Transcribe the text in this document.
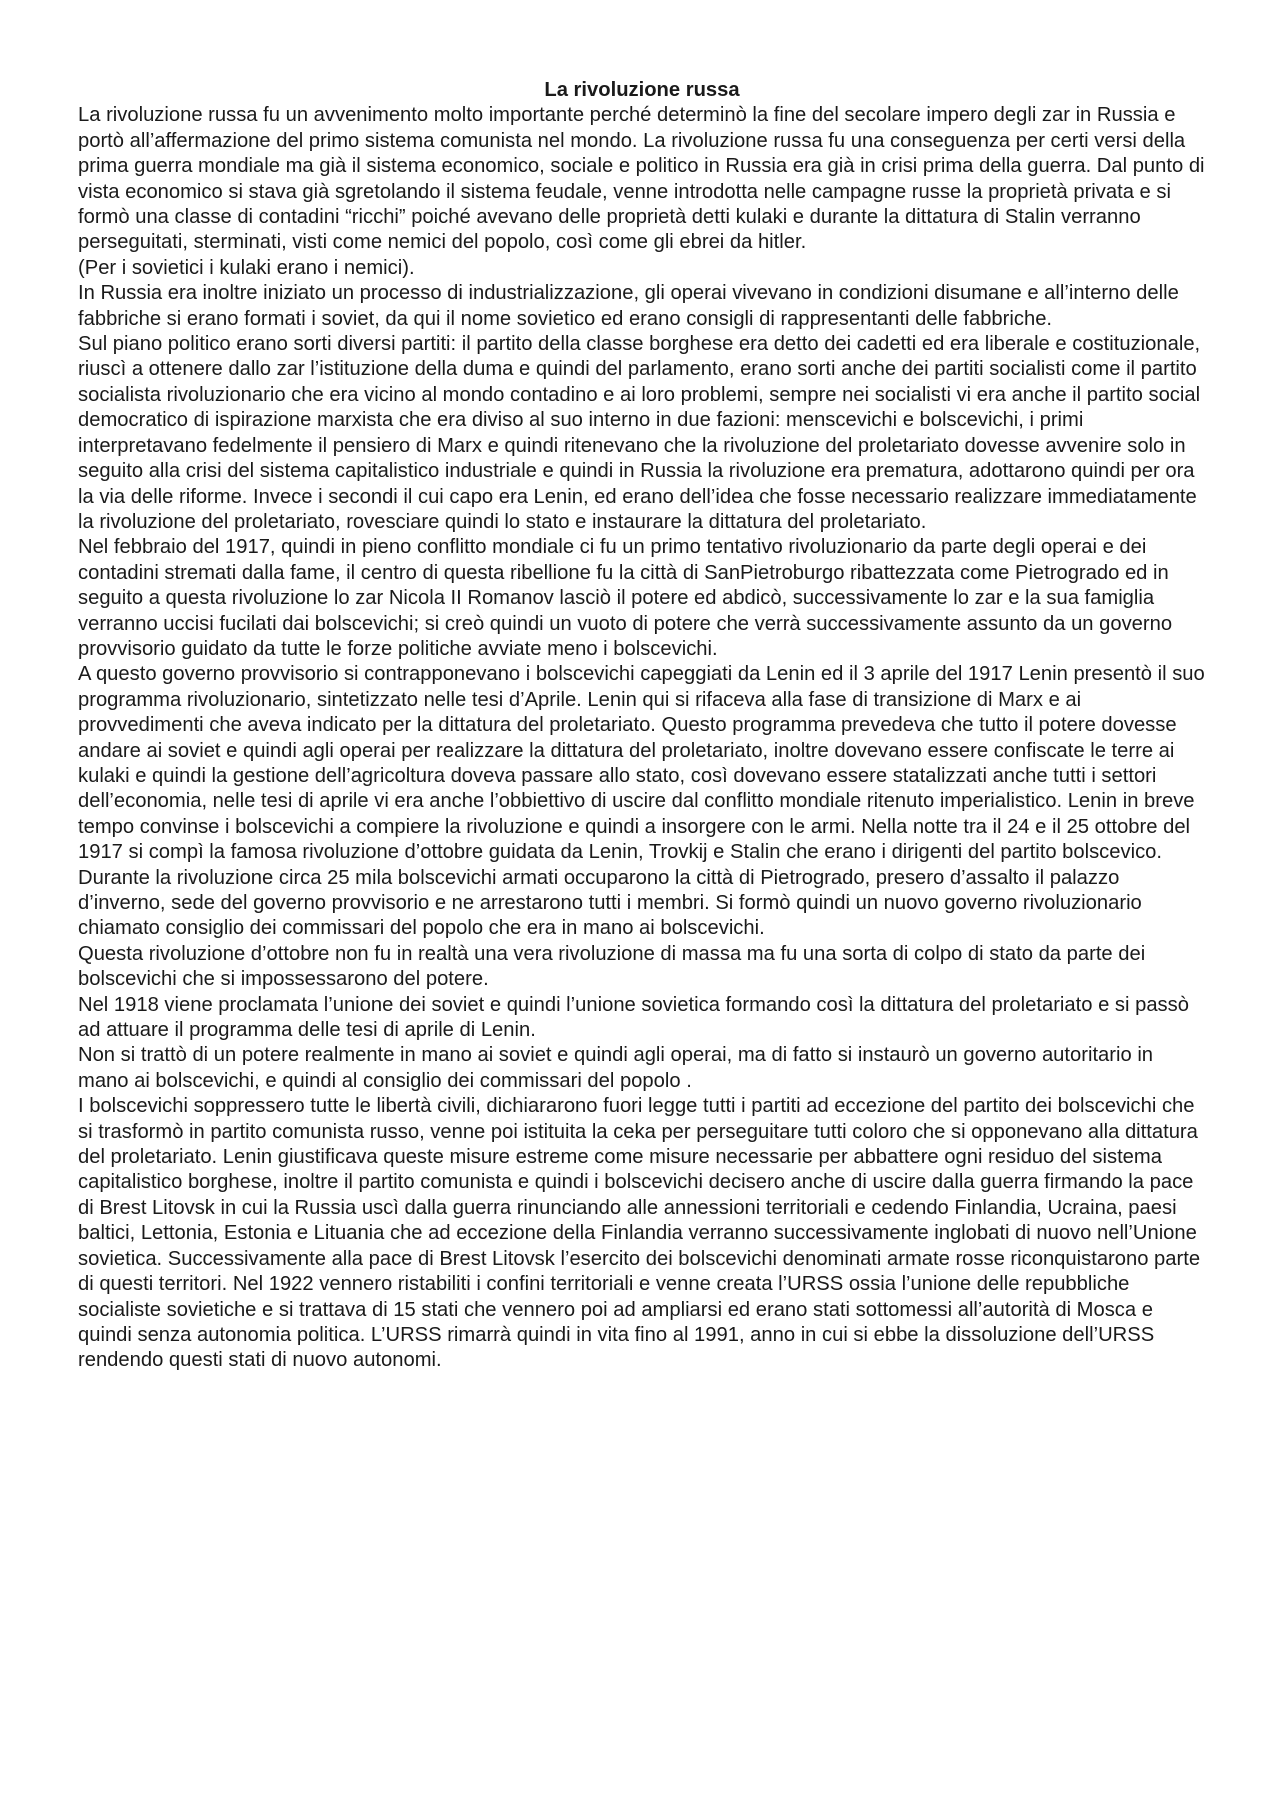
La rivoluzione russa

La rivoluzione russa fu un avvenimento molto importante perché determinò la fine del secolare impero degli zar in Russia e portò all’affermazione del primo sistema comunista nel mondo. La rivoluzione russa fu una conseguenza per certi versi della prima guerra mondiale ma già il sistema economico, sociale e politico in Russia era già in crisi prima della guerra. Dal punto di vista economico si stava già sgretolando il sistema feudale, venne introdotta nelle campagne russe la proprietà privata e si formò una classe di contadini “ricchi” poiché avevano delle proprietà detti kulaki e durante la dittatura di Stalin verranno perseguitati, sterminati, visti come nemici del popolo, così come gli ebrei da hitler.

(Per i sovietici i kulaki erano i nemici).

In Russia era inoltre iniziato un processo di industrializzazione, gli operai vivevano in condizioni disumane e all’interno delle fabbriche si erano formati i soviet, da qui il nome sovietico ed erano consigli di rappresentanti delle fabbriche.

Sul piano politico erano sorti diversi partiti: il partito della classe borghese era detto dei cadetti ed era liberale e costituzionale, riuscì a ottenere dallo zar l’istituzione della duma e quindi del parlamento, erano sorti anche dei partiti socialisti come il partito socialista rivoluzionario che era vicino al mondo contadino e ai loro problemi, sempre nei socialisti vi era anche il partito social democratico di ispirazione marxista che era diviso al suo interno in due fazioni: menscevichi e bolscevichi, i primi interpretavano fedelmente il pensiero di Marx e quindi ritenevano che la rivoluzione del proletariato dovesse avvenire solo in seguito alla crisi del sistema capitalistico industriale e quindi in Russia la rivoluzione era prematura, adottarono quindi per ora la via delle riforme. Invece i secondi il cui capo era Lenin, ed erano dell’idea che fosse necessario realizzare immediatamente la rivoluzione del proletariato, rovesciare quindi lo stato e instaurare la dittatura del proletariato.

Nel febbraio del 1917, quindi in pieno conflitto mondiale ci fu un primo tentativo rivoluzionario da parte degli operai e dei contadini stremati dalla fame, il centro di questa ribellione fu la città di SanPietroburgo ribattezzata come Pietrogrado ed in seguito a questa rivoluzione lo zar Nicola II Romanov lasciò il potere ed abdicò, successivamente lo zar e la sua famiglia verranno uccisi fucilati dai bolscevichi; si creò quindi un vuoto di potere che verrà successivamente assunto da un governo provvisorio guidato da tutte le forze politiche avviate meno i bolscevichi.

A questo governo provvisorio si contrapponevano i bolscevichi capeggiati da Lenin ed il 3 aprile del 1917 Lenin presentò il suo programma rivoluzionario, sintetizzato nelle tesi d’Aprile. Lenin qui si rifaceva alla fase di transizione di Marx e ai provvedimenti che aveva indicato per la dittatura del proletariato. Questo programma prevedeva che tutto il potere dovesse andare ai soviet e quindi agli operai per realizzare la dittatura del proletariato, inoltre dovevano essere confiscate le terre ai kulaki e quindi la gestione dell’agricoltura doveva passare allo stato, così dovevano essere statalizzati anche tutti i settori dell’economia, nelle tesi di aprile vi era anche l’obbiettivo di uscire dal conflitto mondiale ritenuto imperialistico. Lenin in breve tempo convinse i bolscevichi a compiere la rivoluzione e quindi a insorgere con le armi. Nella notte tra il 24 e il 25 ottobre del 1917 si compì la famosa rivoluzione d’ottobre guidata da Lenin, Trovkij e Stalin che erano i dirigenti del partito bolscevico. Durante la rivoluzione circa 25 mila bolscevichi armati occuparono la città di Pietrogrado, presero d’assalto il palazzo d’inverno, sede del governo provvisorio e ne arrestarono tutti i membri. Si formò quindi un nuovo governo rivoluzionario chiamato consiglio dei commissari del popolo che era in mano ai bolscevichi.

Questa rivoluzione d’ottobre non fu in realtà una vera rivoluzione di massa ma fu una sorta di colpo di stato da parte dei bolscevichi che si impossessarono del potere.

Nel 1918 viene proclamata l’unione dei soviet e quindi l’unione sovietica formando così la dittatura del proletariato e si passò ad attuare il programma delle tesi di aprile di Lenin.

Non si trattò di un potere realmente in mano ai soviet e quindi agli operai, ma di fatto si instaurò un governo autoritario in mano ai bolscevichi, e quindi al consiglio dei commissari del popolo .

I bolscevichi soppressero tutte le libertà civili, dichiararono fuori legge tutti i partiti ad eccezione del partito dei bolscevichi che si trasformò in partito comunista russo, venne poi istituita la ceka per perseguitare tutti coloro che si opponevano alla dittatura del proletariato. Lenin giustificava queste misure estreme come misure necessarie per abbattere ogni residuo del sistema capitalistico borghese, inoltre il partito comunista e quindi i bolscevichi decisero anche di uscire dalla guerra firmando la pace di Brest Litovsk in cui la Russia uscì dalla guerra rinunciando alle annessioni territoriali e cedendo Finlandia, Ucraina, paesi baltici, Lettonia, Estonia e Lituania che ad eccezione della Finlandia verranno successivamente inglobati di nuovo nell’Unione sovietica. Successivamente alla pace di Brest Litovsk l’esercito dei bolscevichi denominati armate rosse riconquistarono parte di questi territori. Nel 1922 vennero ristabiliti i confini territoriali e venne creata l’URSS ossia l’unione delle repubbliche socialiste sovietiche e si trattava di 15 stati che vennero poi ad ampliarsi ed erano stati sottomessi all’autorità di Mosca e quindi senza autonomia politica. L’URSS rimarrà quindi in vita fino al 1991, anno in cui si ebbe la dissoluzione dell’URSS rendendo questi stati di nuovo autonomi.
